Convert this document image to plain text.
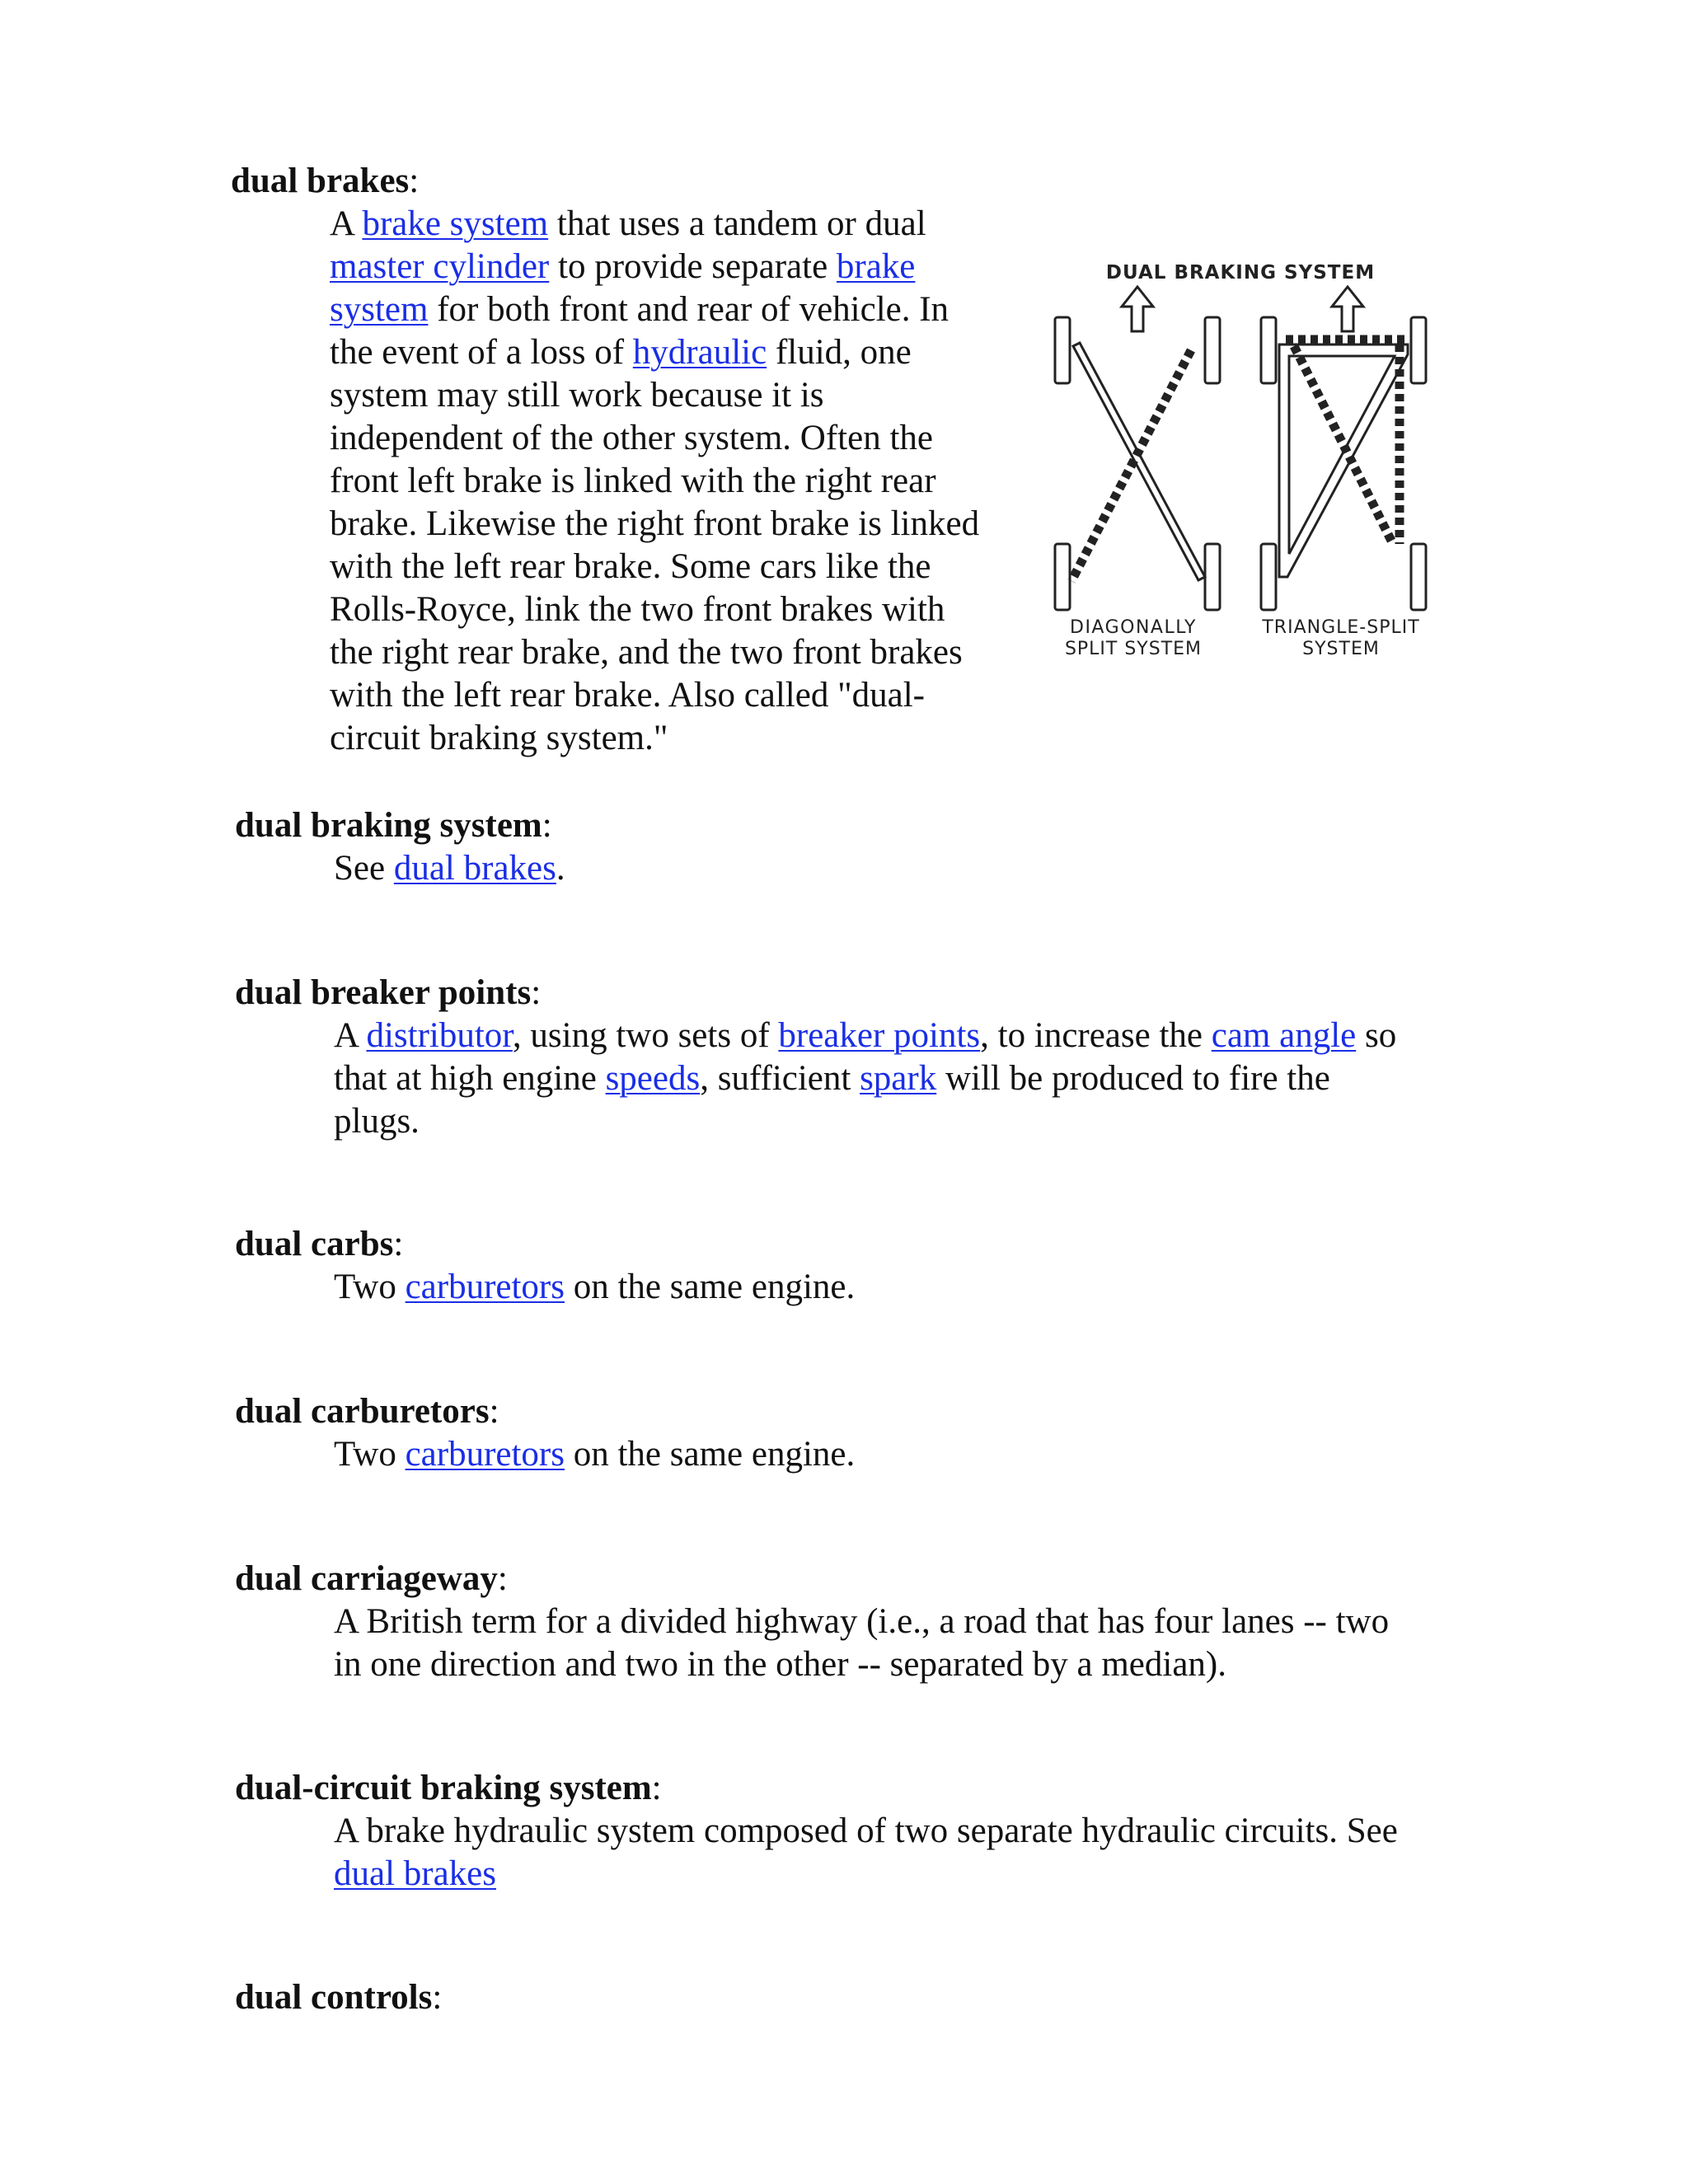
dual brakes:
A brake system that uses a tandem or dual
master cylinder to provide separate brake
system for both front and rear of vehicle. In
the event of a loss of hydraulic fluid, one
system may still work because it is
independent of the other system. Often the
front left brake is linked with the right rear
brake. Likewise the right front brake is linked
with the left rear brake. Some cars like the
Rolls-Royce, link the two front brakes with
the right rear brake, and the two front brakes
with the left rear brake. Also called "dual-
circuit braking system."
DUAL BRAKING SYSTEM
DIAGONALLY
SPLIT SYSTEM
TRIANGLE-SPLIT
SYSTEM
dual braking system:
See dual brakes.
dual breaker points:
A distributor, using two sets of breaker points, to increase the cam angle so
that at high engine speeds, sufficient spark will be produced to fire the
plugs.
dual carbs:
Two carburetors on the same engine.
dual carburetors:
Two carburetors on the same engine.
dual carriageway:
A British term for a divided highway (i.e., a road that has four lanes -- two
in one direction and two in the other -- separated by a median).
dual-circuit braking system:
A brake hydraulic system composed of two separate hydraulic circuits. See
dual brakes
dual controls:
